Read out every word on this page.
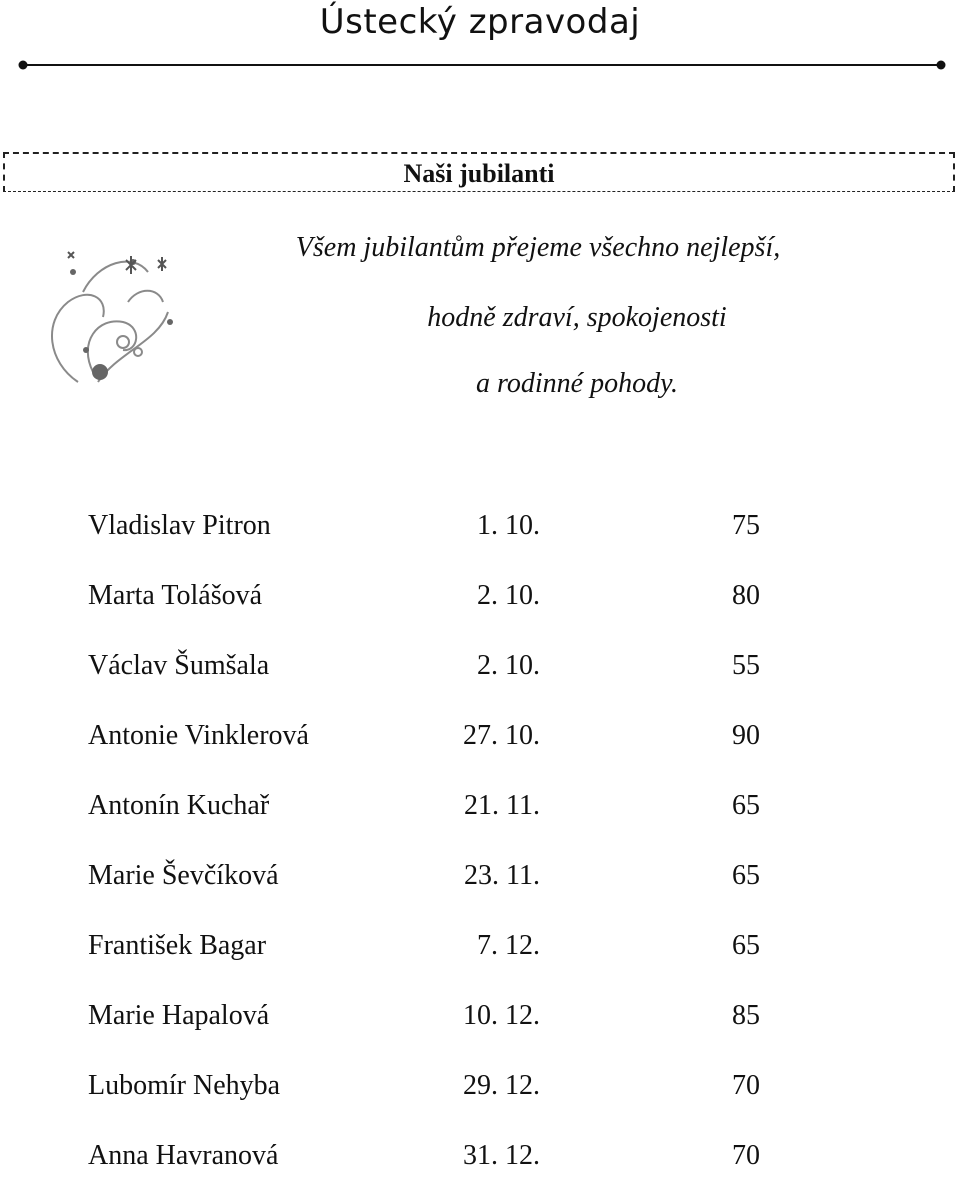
Ústecký zpravodaj
Naši jubilanti
Všem jubilantům přejeme všechno nejlepší,
hodně zdraví, spokojenosti
a rodinné pohody.
Vladislav Pitron	1. 10.	75
Marta Tolášová	2. 10.	80
Václav Šumšala	2. 10.	55
Antonie Vinklerová	27. 10.	90
Antonín Kuchař	21. 11.	65
Marie Ševčíková	23. 11.	65
František Bagar	7. 12.	65
Marie Hapalová	10. 12.	85
Lubomír Nehyba	29. 12.	70
Anna Havranová	31. 12.	70
